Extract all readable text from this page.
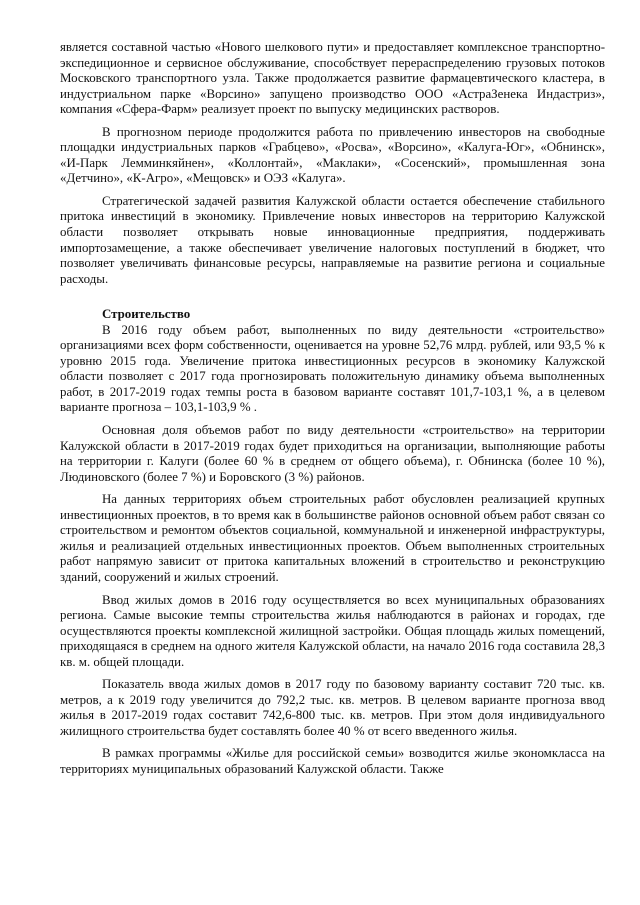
является составной частью «Нового шелкового пути» и предоставляет комплексное транспортно-экспедиционное и сервисное обслуживание, способствует перераспределению грузовых потоков Московского транспортного узла. Также продолжается развитие фармацевтического кластера, в индустриальном парке «Ворсино» запущено производство ООО «АстраЗенека Индастриз», компания «Сфера-Фарм» реализует проект по выпуску медицинских растворов.

В прогнозном периоде продолжится работа по привлечению инвесторов на свободные площадки индустриальных парков «Грабцево», «Росва», «Ворсино», «Калуга-Юг», «Обнинск», «И-Парк Лемминкяйнен», «Коллонтай», «Маклаки», «Сосенский», промышленная зона «Детчино», «К-Агро», «Мещовск» и ОЭЗ «Калуга».

Стратегической задачей развития Калужской области остается обеспечение стабильного притока инвестиций в экономику. Привлечение новых инвесторов на территорию Калужской области позволяет открывать новые инновационные предприятия, поддерживать импортозамещение, а также обеспечивает увеличение налоговых поступлений в бюджет, что позволяет увеличивать финансовые ресурсы, направляемые на развитие региона и социальные расходы.

Строительство

В 2016 году объем работ, выполненных по виду деятельности «строительство» организациями всех форм собственности, оценивается на уровне 52,76 млрд. рублей, или 93,5 % к уровню 2015 года. Увеличение притока инвестиционных ресурсов в экономику Калужской области позволяет с 2017 года прогнозировать положительную динамику объема выполненных работ, в 2017-2019 годах темпы роста в базовом варианте составят 101,7-103,1 %, а в целевом варианте прогноза – 103,1-103,9 % .

Основная доля объемов работ по виду деятельности «строительство» на территории Калужской области в 2017-2019 годах будет приходиться на организации, выполняющие работы на территории г. Калуги (более 60 % в среднем от общего объема), г. Обнинска (более 10 %), Людиновского (более 7 %) и Боровского (3 %) районов.

На данных территориях объем строительных работ обусловлен реализацией крупных инвестиционных проектов, в то время как в большинстве районов основной объем работ связан со строительством и ремонтом объектов социальной, коммунальной и инженерной инфраструктуры, жилья и реализацией отдельных инвестиционных проектов. Объем выполненных строительных работ напрямую зависит от притока капитальных вложений в строительство и реконструкцию зданий, сооружений и жилых строений.

Ввод жилых домов в 2016 году осуществляется во всех муниципальных образованиях региона. Самые высокие темпы строительства жилья наблюдаются в районах и городах, где осуществляются проекты комплексной жилищной застройки. Общая площадь жилых помещений, приходящаяся в среднем на одного жителя Калужской области, на начало 2016 года составила 28,3 кв. м. общей площади.

Показатель ввода жилых домов в 2017 году по базовому варианту составит 720 тыс. кв. метров, а к 2019 году увеличится до 792,2 тыс. кв. метров. В целевом варианте прогноза ввод жилья в 2017-2019 годах составит 742,6-800 тыс. кв. метров. При этом доля индивидуального жилищного строительства будет составлять более 40 % от всего введенного жилья.

В рамках программы «Жилье для российской семьи» возводится жилье экономкласса на территориях муниципальных образований Калужской области. Также
